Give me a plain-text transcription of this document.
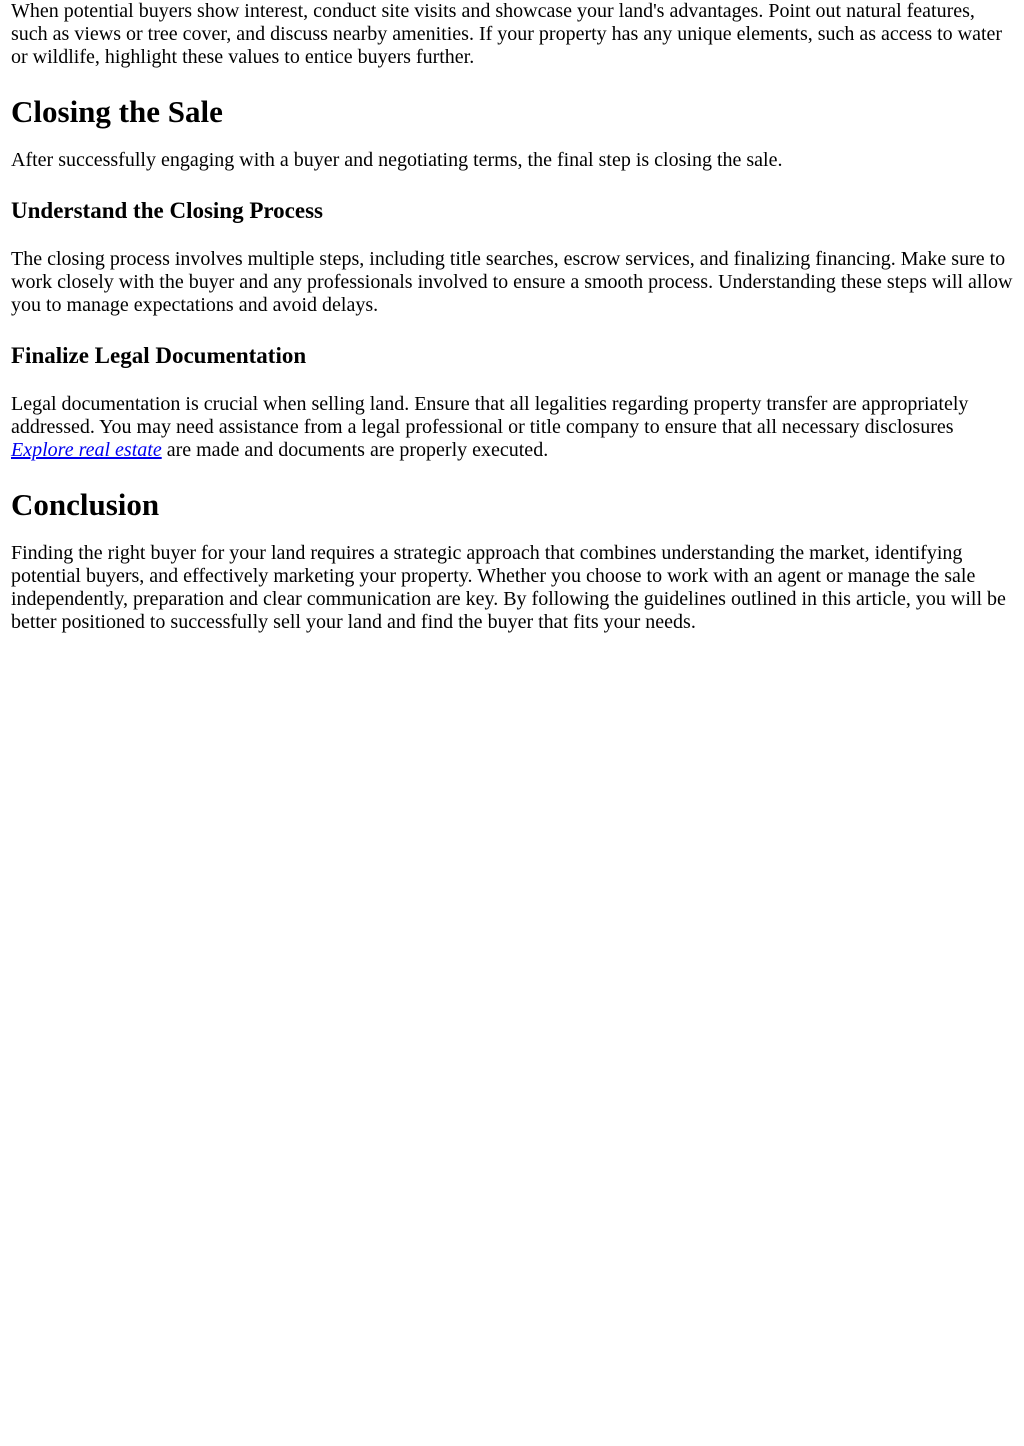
When potential buyers show interest, conduct site visits and showcase your land's advantages. Point out natural features, such as views or tree cover, and discuss nearby amenities. If your property has any unique elements, such as access to water or wildlife, highlight these values to entice buyers further.

Closing the Sale

After successfully engaging with a buyer and negotiating terms, the final step is closing the sale.

Understand the Closing Process

The closing process involves multiple steps, including title searches, escrow services, and finalizing financing. Make sure to work closely with the buyer and any professionals involved to ensure a smooth process. Understanding these steps will allow you to manage expectations and avoid delays.

Finalize Legal Documentation

Legal documentation is crucial when selling land. Ensure that all legalities regarding property transfer are appropriately addressed. You may need assistance from a legal professional or title company to ensure that all necessary disclosures Explore real estate are made and documents are properly executed.

Conclusion

Finding the right buyer for your land requires a strategic approach that combines understanding the market, identifying potential buyers, and effectively marketing your property. Whether you choose to work with an agent or manage the sale independently, preparation and clear communication are key. By following the guidelines outlined in this article, you will be better positioned to successfully sell your land and find the buyer that fits your needs.
